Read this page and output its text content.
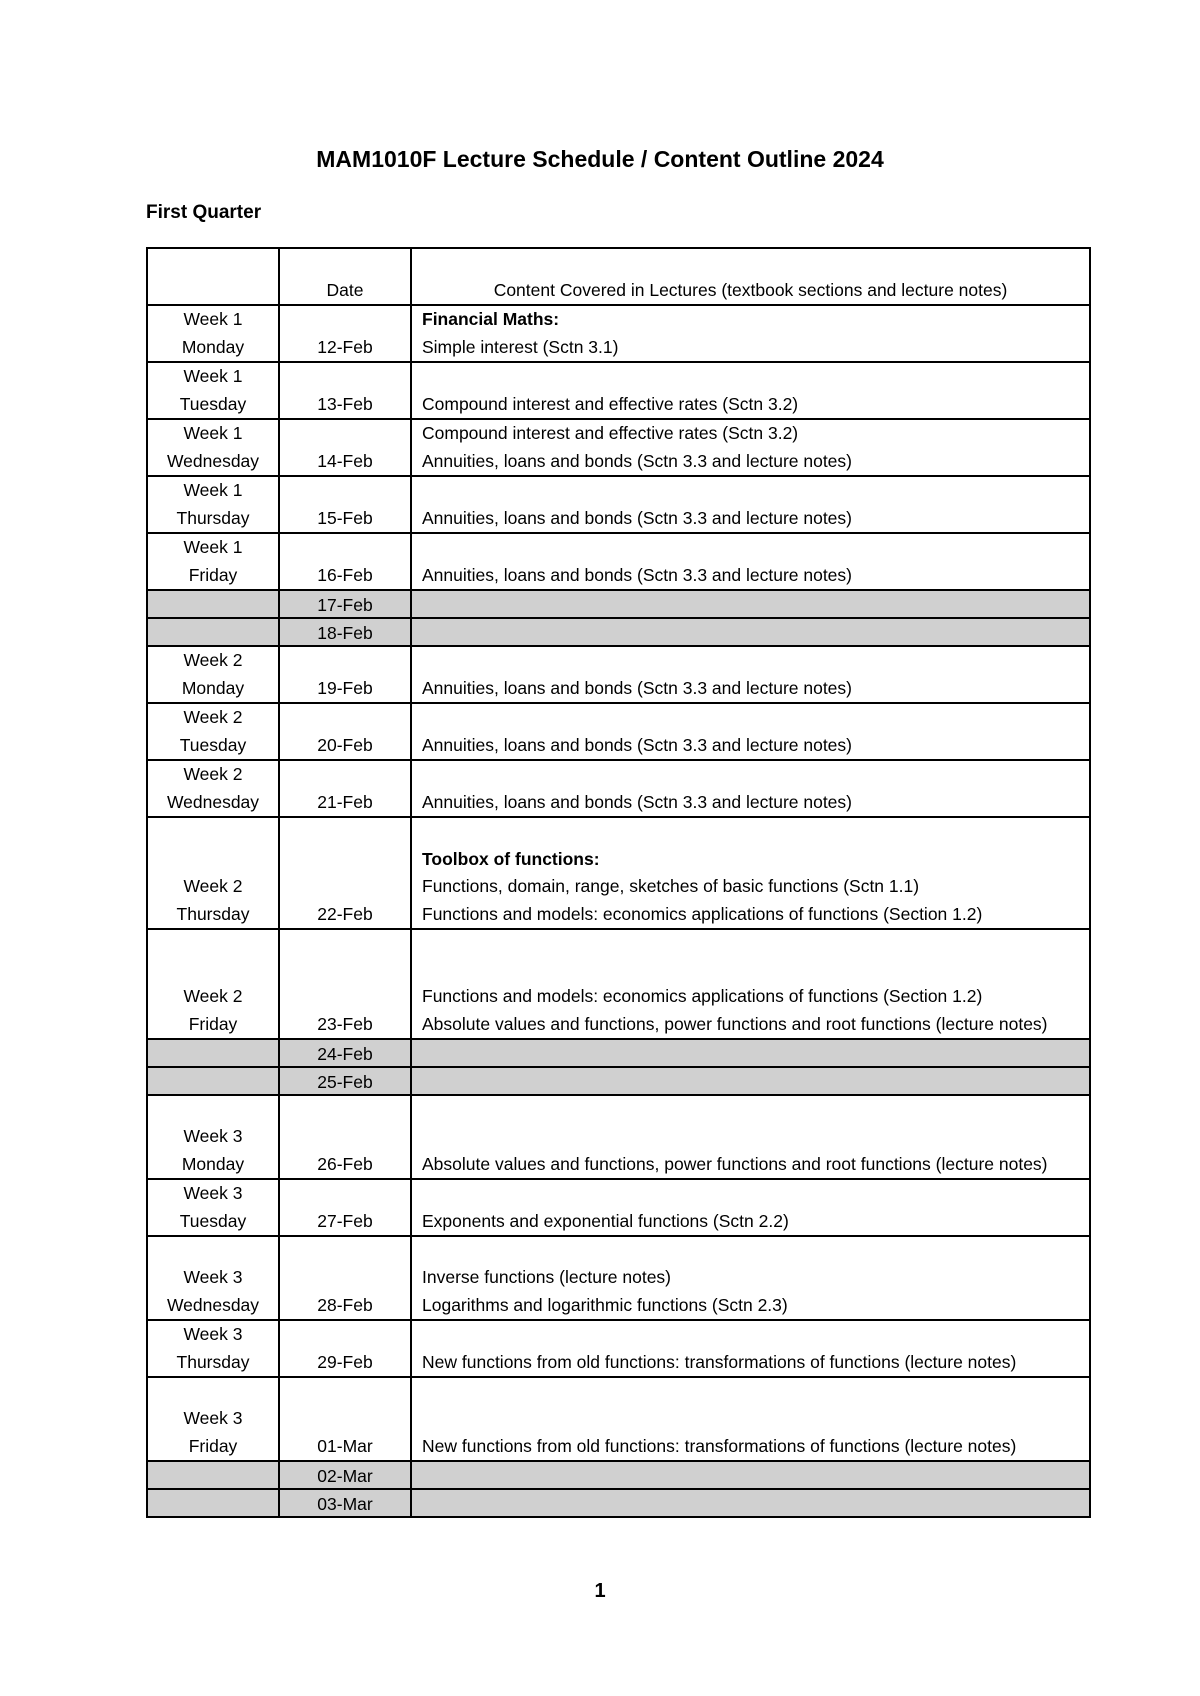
MAM1010F Lecture Schedule / Content Outline 2024
First Quarter
	Date	Content Covered in Lectures (textbook sections and lecture notes)

Week 1
Monday	12-Feb	Financial Maths:
Simple interest (Sctn 3.1)

Week 1
Tuesday	13-Feb	Compound interest and effective rates (Sctn 3.2)

Week 1
Wednesday	14-Feb	Compound interest and effective rates (Sctn 3.2)
Annuities, loans and bonds (Sctn 3.3 and lecture notes)

Week 1
Thursday	15-Feb	Annuities, loans and bonds (Sctn 3.3 and lecture notes)

Week 1
Friday	16-Feb	Annuities, loans and bonds (Sctn 3.3 and lecture notes)

	17-Feb	
	18-Feb	

Week 2
Monday	19-Feb	Annuities, loans and bonds (Sctn 3.3 and lecture notes)

Week 2
Tuesday	20-Feb	Annuities, loans and bonds (Sctn 3.3 and lecture notes)

Week 2
Wednesday	21-Feb	Annuities, loans and bonds (Sctn 3.3 and lecture notes)

Week 2
Thursday	22-Feb	Toolbox of functions:
Functions, domain, range, sketches of basic functions (Sctn 1.1)
Functions and models: economics applications of functions (Section 1.2)

Week 2
Friday	23-Feb	Functions and models: economics applications of functions (Section 1.2)
Absolute values and functions, power functions and root functions (lecture notes)

	24-Feb	
	25-Feb	

Week 3
Monday	26-Feb	Absolute values and functions, power functions and root functions (lecture notes)

Week 3
Tuesday	27-Feb	Exponents and exponential functions (Sctn 2.2)

Week 3
Wednesday	28-Feb	Inverse functions (lecture notes)
Logarithms and logarithmic functions (Sctn 2.3)

Week 3
Thursday	29-Feb	New functions from old functions: transformations of functions (lecture notes)

Week 3
Friday	01-Mar	New functions from old functions: transformations of functions (lecture notes)

	02-Mar	
	03-Mar	
1
